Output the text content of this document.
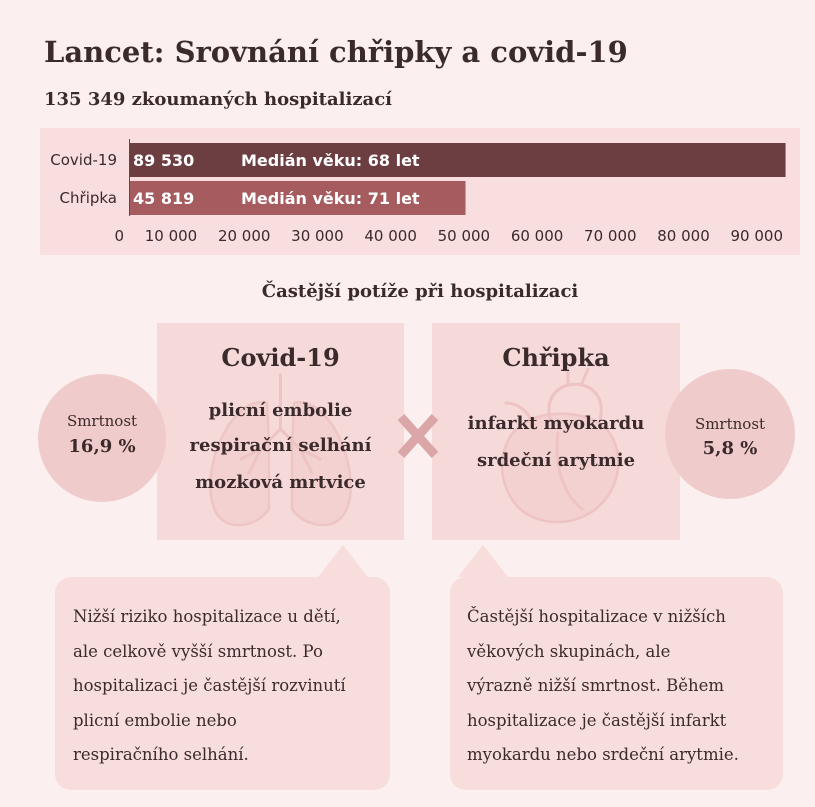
Lancet: Srovnání chřipky a covid-19
135 349 zkoumaných hospitalizací
Covid-19 89 530	Medián věku: 68 let
Chřipka 45 819	Medián věku: 71 let
0 10 000 20 000 30 000 40 000 50 000 60 000 70 000 80 000 90 000
Častější potíže při hospitalizaci
Covid-19
plicní embolie
respirační selhání
mozková mrtvice
Chřipka
infarkt myokardu
srdeční arytmie
Smrtnost
16,9 %
Smrtnost
5,8 %
Nižší riziko hospitalizace u dětí,
ale celkově vyšší smrtnost. Po
hospitalizaci je častější rozvinutí
plicní embolie nebo
respiračního selhání.
Častější hospitalizace v nižších
věkových skupinách, ale
výrazně nižší smrtnost. Během
hospitalizace je častější infarkt
myokardu nebo srdeční arytmie.
